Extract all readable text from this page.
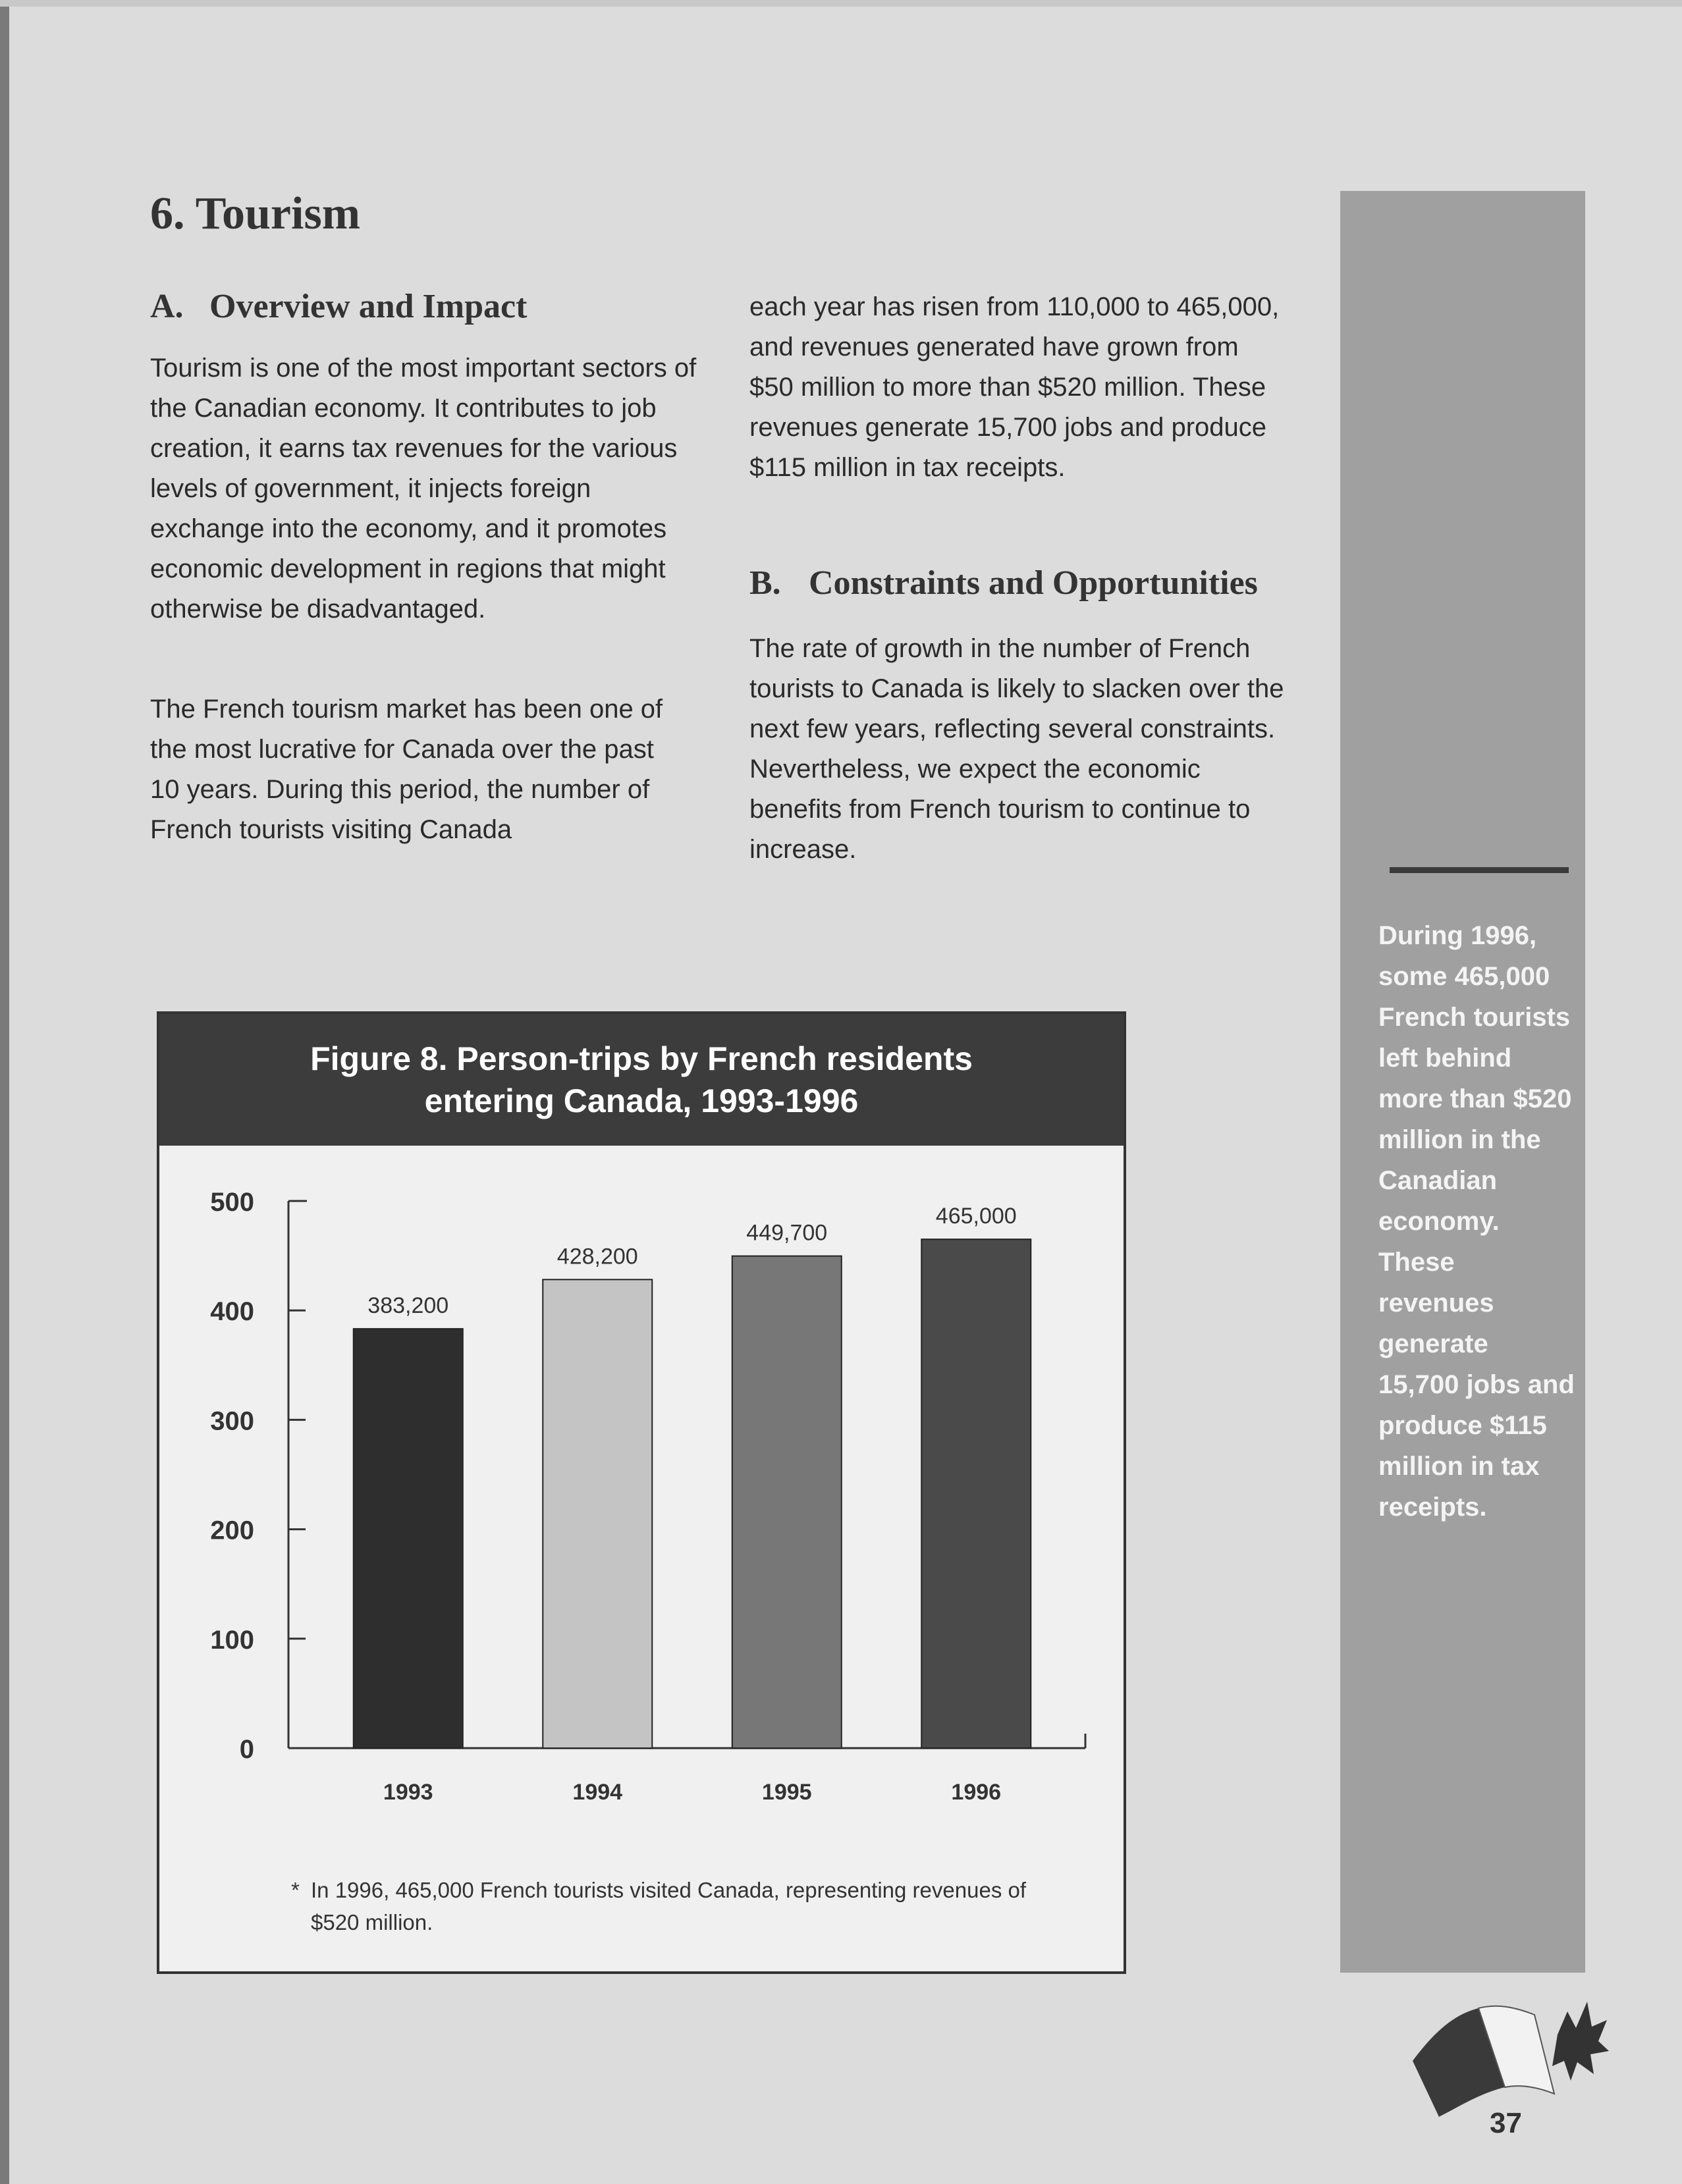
6. Tourism
A. Overview and Impact

Tourism is one of the most important sectors of the Canadian economy. It contributes to job creation, it earns tax revenues for the various levels of government, it injects foreign exchange into the economy, and it promotes economic development in regions that might otherwise be disadvantaged.

The French tourism market has been one of the most lucrative for Canada over the past 10 years. During this period, the number of French tourists visiting Canada

each year has risen from 110,000 to 465,000, and revenues generated have grown from $50 million to more than $520 million. These revenues generate 15,700 jobs and produce $115 million in tax receipts.

B. Constraints and Opportunities

The rate of growth in the number of French tourists to Canada is likely to slacken over the next few years, reflecting several constraints. Nevertheless, we expect the economic benefits from French tourism to continue to increase.

During 1996, some 465,000 French tourists left behind more than $520 million in the Canadian economy. These revenues generate 15,700 jobs and produce $115 million in tax receipts.

Figure 8. Person-trips by French residents entering Canada, 1993-1996
500
400
300
200
100
0
383,200
1993
428,200
1994
449,700
1995
465,000
1996

* In 1996, 465,000 French tourists visited Canada, representing revenues of $520 million.

37
